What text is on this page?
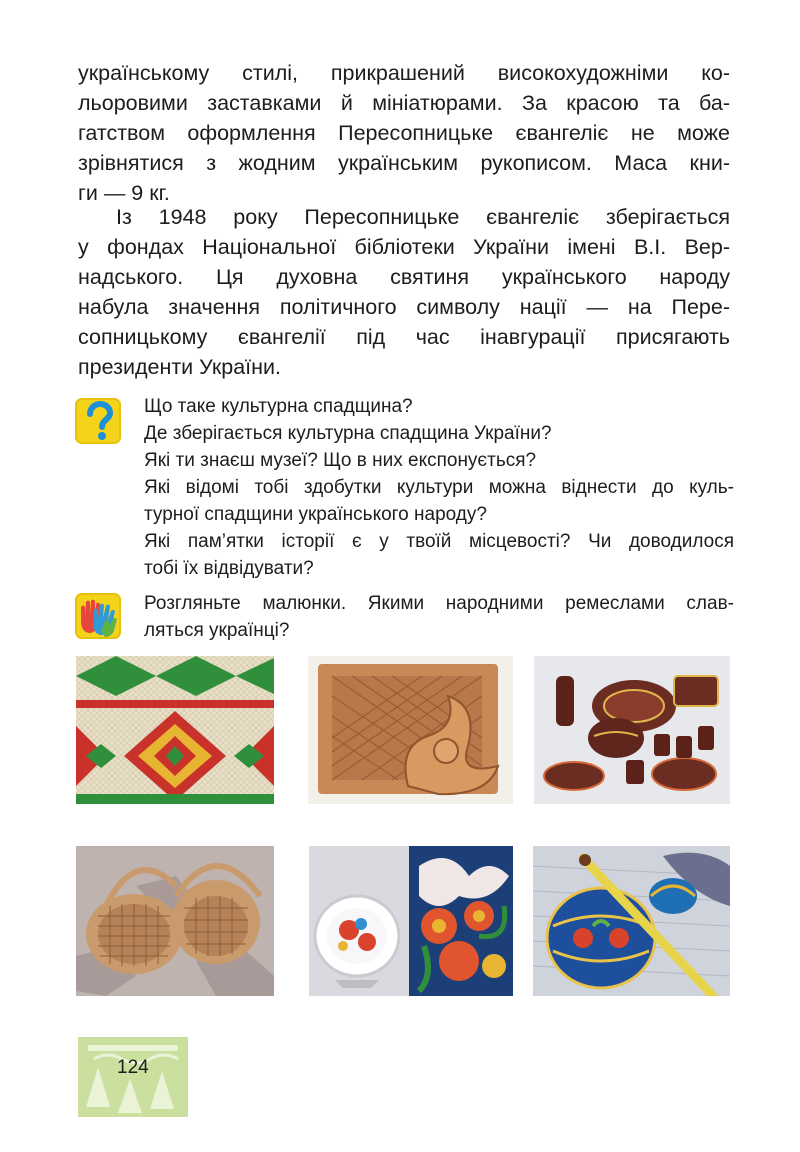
українському стилі, прикрашений високохудожніми ко-
льоровими заставками й мініатюрами. За красою та ба-
гатством оформлення Пересопницьке євангеліє не може
зрівнятися з жодним українським рукописом. Маса кни-
ги — 9 кг.

Із 1948 року Пересопницьке євангеліє зберігається
у фондах Національної бібліотеки України імені В.І. Вер-
надського. Ця духовна святиня українського народу
набула значення політичного символу нації — на Пере-
сопницькому євангелії під час інавгурації присягають
президенти України.

Що таке культурна спадщина?
Де зберігається культурна спадщина України?
Які ти знаєш музеї? Що в них експонується?
Які відомі тобі здобутки культури можна віднести до куль-
турної спадщини українського народу?
Які пам’ятки історії є у твоїй місцевості? Чи доводилося
тобі їх відвідувати?
Розгляньте малюнки. Якими народними ремеслами слав-
ляться українці?
124
